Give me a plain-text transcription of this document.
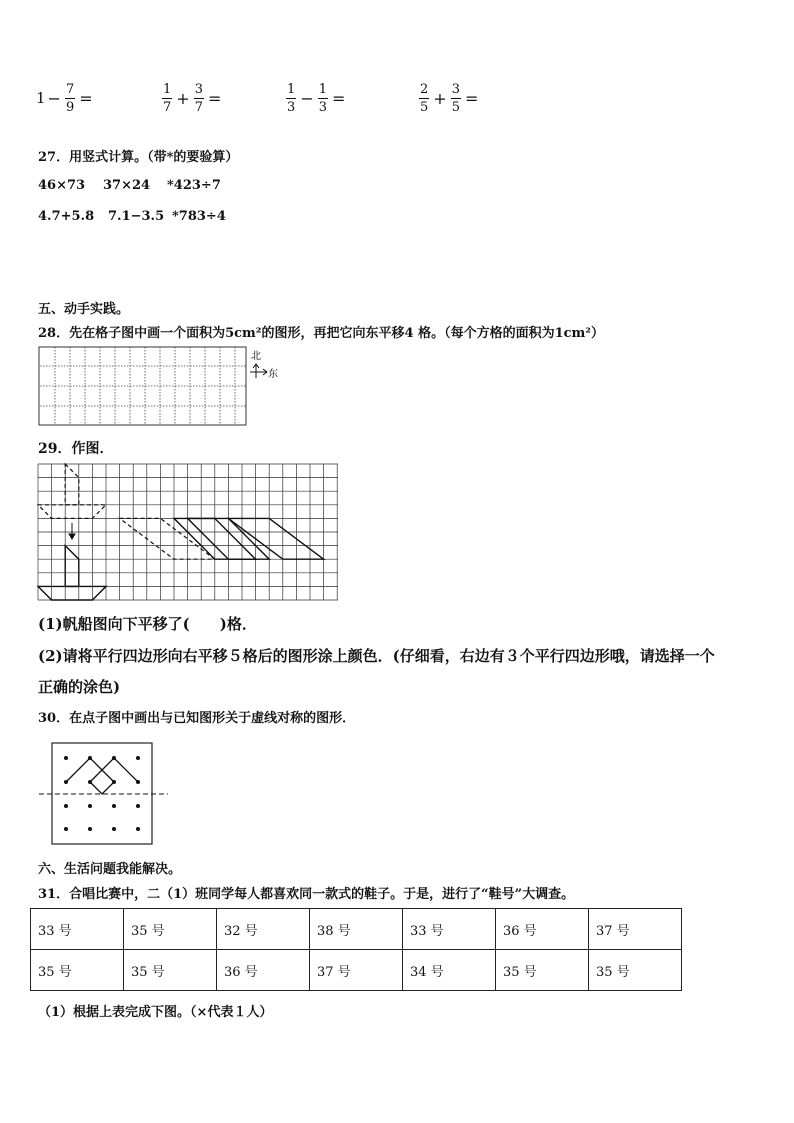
$1 - \frac{7}{9}$ =	$\frac{1}{7} + \frac{3}{7}$ =	$\frac{1}{3} - \frac{1}{3}$ =	$\frac{2}{5} + \frac{3}{5}$ =
27．用竖式计算。（带*的要验算）
46×73 37×24 *423÷7
4.7+5.8 7.1−3.5 *783÷4
五、动手实践。
28．先在格子图中画一个面积为5cm²的图形，再把它向东平移4 格。（每个方格的面积为1cm²）
北
东
29．作图．
(1)帆船图向下平移了(　　)格．
(2)请将平行四边形向右平移５格后的图形涂上颜色．(仔细看，右边有３个平行四边形哦，请选择一个
正确的涂色)
30．在点子图中画出与已知图形关于虚线对称的图形．
六、生活问题我能解决。
31．合唱比赛中，二（1）班同学每人都喜欢同一款式的鞋子。于是，进行了“鞋号”大调查。
33 号	35 号	32 号	38 号	33 号	36 号	37 号
35 号	35 号	36 号	37 号	34 号	35 号	35 号
（1）根据上表完成下图。（×代表１人）
